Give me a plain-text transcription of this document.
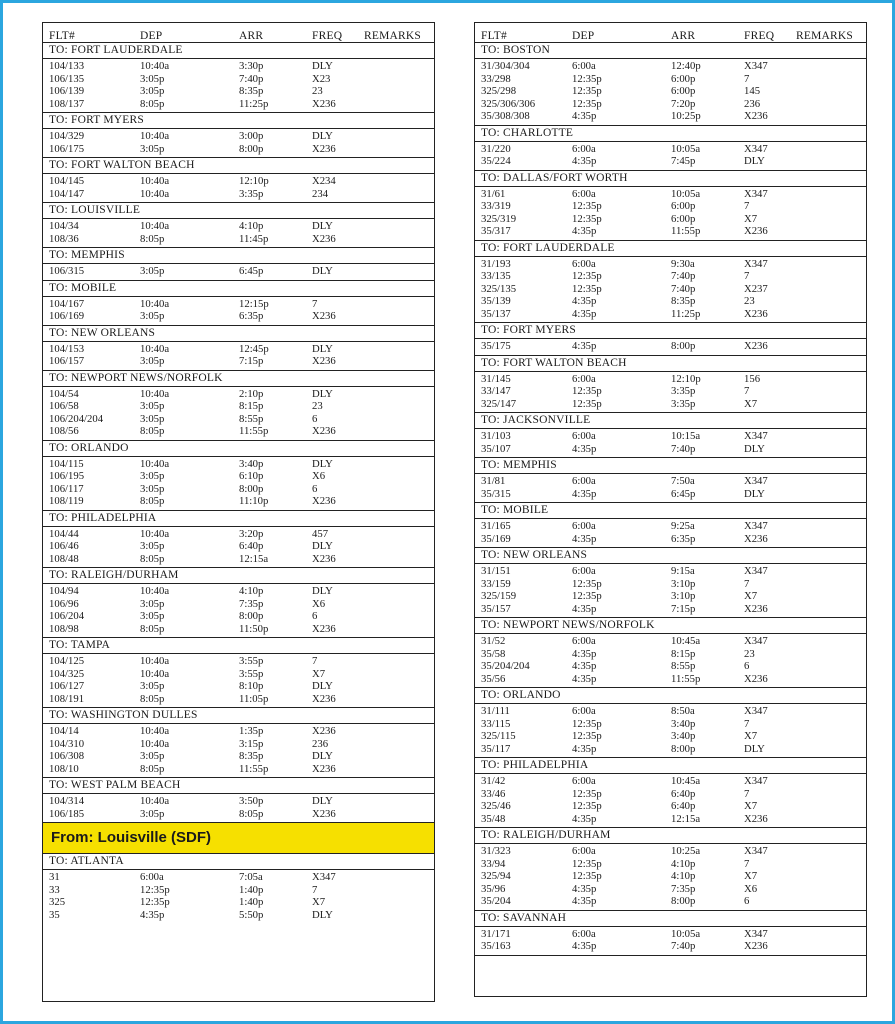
FLT#	DEP	ARR	FREQ	REMARKS
TO: FORT LAUDERDALE
104/133	10:40a	3:30p	DLY
106/135	3:05p	7:40p	X23
106/139	3:05p	8:35p	23
108/137	8:05p	11:25p	X236
TO: FORT MYERS
104/329	10:40a	3:00p	DLY
106/175	3:05p	8:00p	X236
TO: FORT WALTON BEACH
104/145	10:40a	12:10p	X234
104/147	10:40a	3:35p	234
TO: LOUISVILLE
104/34	10:40a	4:10p	DLY
108/36	8:05p	11:45p	X236
TO: MEMPHIS
106/315	3:05p	6:45p	DLY
TO: MOBILE
104/167	10:40a	12:15p	7
106/169	3:05p	6:35p	X236
TO: NEW ORLEANS
104/153	10:40a	12:45p	DLY
106/157	3:05p	7:15p	X236
TO: NEWPORT NEWS/NORFOLK
104/54	10:40a	2:10p	DLY
106/58	3:05p	8:15p	23
106/204/204	3:05p	8:55p	6
108/56	8:05p	11:55p	X236
TO: ORLANDO
104/115	10:40a	3:40p	DLY
106/195	3:05p	6:10p	X6
106/117	3:05p	8:00p	6
108/119	8:05p	11:10p	X236
TO: PHILADELPHIA
104/44	10:40a	3:20p	457
106/46	3:05p	6:40p	DLY
108/48	8:05p	12:15a	X236
TO: RALEIGH/DURHAM
104/94	10:40a	4:10p	DLY
106/96	3:05p	7:35p	X6
106/204	3:05p	8:00p	6
108/98	8:05p	11:50p	X236
TO: TAMPA
104/125	10:40a	3:55p	7
104/325	10:40a	3:55p	X7
106/127	3:05p	8:10p	DLY
108/191	8:05p	11:05p	X236
TO: WASHINGTON DULLES
104/14	10:40a	1:35p	X236
104/310	10:40a	3:15p	236
106/308	3:05p	8:35p	DLY
108/10	8:05p	11:55p	X236
TO: WEST PALM BEACH
104/314	10:40a	3:50p	DLY
106/185	3:05p	8:05p	X236
From: Louisville (SDF)
TO: ATLANTA
31	6:00a	7:05a	X347
33	12:35p	1:40p	7
325	12:35p	1:40p	X7
35	4:35p	5:50p	DLY
FLT#	DEP	ARR	FREQ	REMARKS
TO: BOSTON
31/304/304	6:00a	12:40p	X347
33/298	12:35p	6:00p	7
325/298	12:35p	6:00p	145
325/306/306	12:35p	7:20p	236
35/308/308	4:35p	10:25p	X236
TO: CHARLOTTE
31/220	6:00a	10:05a	X347
35/224	4:35p	7:45p	DLY
TO: DALLAS/FORT WORTH
31/61	6:00a	10:05a	X347
33/319	12:35p	6:00p	7
325/319	12:35p	6:00p	X7
35/317	4:35p	11:55p	X236
TO: FORT LAUDERDALE
31/193	6:00a	9:30a	X347
33/135	12:35p	7:40p	7
325/135	12:35p	7:40p	X237
35/139	4:35p	8:35p	23
35/137	4:35p	11:25p	X236
TO: FORT MYERS
35/175	4:35p	8:00p	X236
TO: FORT WALTON BEACH
31/145	6:00a	12:10p	156
33/147	12:35p	3:35p	7
325/147	12:35p	3:35p	X7
TO: JACKSONVILLE
31/103	6:00a	10:15a	X347
35/107	4:35p	7:40p	DLY
TO: MEMPHIS
31/81	6:00a	7:50a	X347
35/315	4:35p	6:45p	DLY
TO: MOBILE
31/165	6:00a	9:25a	X347
35/169	4:35p	6:35p	X236
TO: NEW ORLEANS
31/151	6:00a	9:15a	X347
33/159	12:35p	3:10p	7
325/159	12:35p	3:10p	X7
35/157	4:35p	7:15p	X236
TO: NEWPORT NEWS/NORFOLK
31/52	6:00a	10:45a	X347
35/58	4:35p	8:15p	23
35/204/204	4:35p	8:55p	6
35/56	4:35p	11:55p	X236
TO: ORLANDO
31/111	6:00a	8:50a	X347
33/115	12:35p	3:40p	7
325/115	12:35p	3:40p	X7
35/117	4:35p	8:00p	DLY
TO: PHILADELPHIA
31/42	6:00a	10:45a	X347
33/46	12:35p	6:40p	7
325/46	12:35p	6:40p	X7
35/48	4:35p	12:15a	X236
TO: RALEIGH/DURHAM
31/323	6:00a	10:25a	X347
33/94	12:35p	4:10p	7
325/94	12:35p	4:10p	X7
35/96	4:35p	7:35p	X6
35/204	4:35p	8:00p	6
TO: SAVANNAH
31/171	6:00a	10:05a	X347
35/163	4:35p	7:40p	X236
